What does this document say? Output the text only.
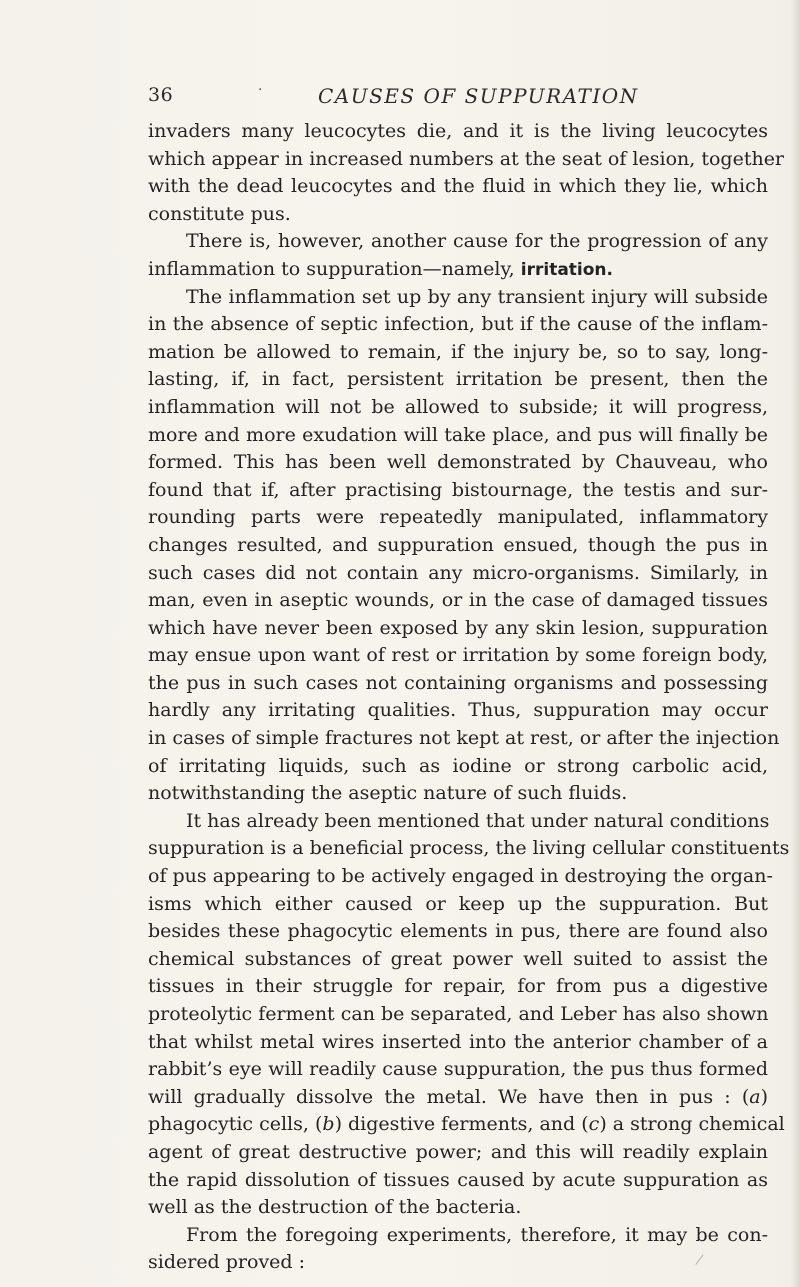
36	·	CAUSES OF SUPPURATION
invaders many leucocytes die, and it is the living leucocytes
which appear in increased numbers at the seat of lesion, together
with the dead leucocytes and the fluid in which they lie, which
constitute pus.
There is, however, another cause for the progression of any
inflammation to suppuration—namely, irritation.
The inflammation set up by any transient injury will subside
in the absence of septic infection, but if the cause of the inflam-
mation be allowed to remain, if the injury be, so to say, long-
lasting, if, in fact, persistent irritation be present, then the
inflammation will not be allowed to subside; it will progress,
more and more exudation will take place, and pus will finally be
formed. This has been well demonstrated by Chauveau, who
found that if, after practising bistournage, the testis and sur-
rounding parts were repeatedly manipulated, inflammatory
changes resulted, and suppuration ensued, though the pus in
such cases did not contain any micro-organisms. Similarly, in
man, even in aseptic wounds, or in the case of damaged tissues
which have never been exposed by any skin lesion, suppuration
may ensue upon want of rest or irritation by some foreign body,
the pus in such cases not containing organisms and possessing
hardly any irritating qualities. Thus, suppuration may occur
in cases of simple fractures not kept at rest, or after the injection
of irritating liquids, such as iodine or strong carbolic acid,
notwithstanding the aseptic nature of such fluids.
It has already been mentioned that under natural conditions
suppuration is a beneficial process, the living cellular constituents
of pus appearing to be actively engaged in destroying the organ-
isms which either caused or keep up the suppuration. But
besides these phagocytic elements in pus, there are found also
chemical substances of great power well suited to assist the
tissues in their struggle for repair, for from pus a digestive
proteolytic ferment can be separated, and Leber has also shown
that whilst metal wires inserted into the anterior chamber of a
rabbit’s eye will readily cause suppuration, the pus thus formed
will gradually dissolve the metal. We have then in pus : (a)
phagocytic cells, (b) digestive ferments, and (c) a strong chemical
agent of great destructive power; and this will readily explain
the rapid dissolution of tissues caused by acute suppuration as
well as the destruction of the bacteria.
From the foregoing experiments, therefore, it may be con-
sidered proved :	/
